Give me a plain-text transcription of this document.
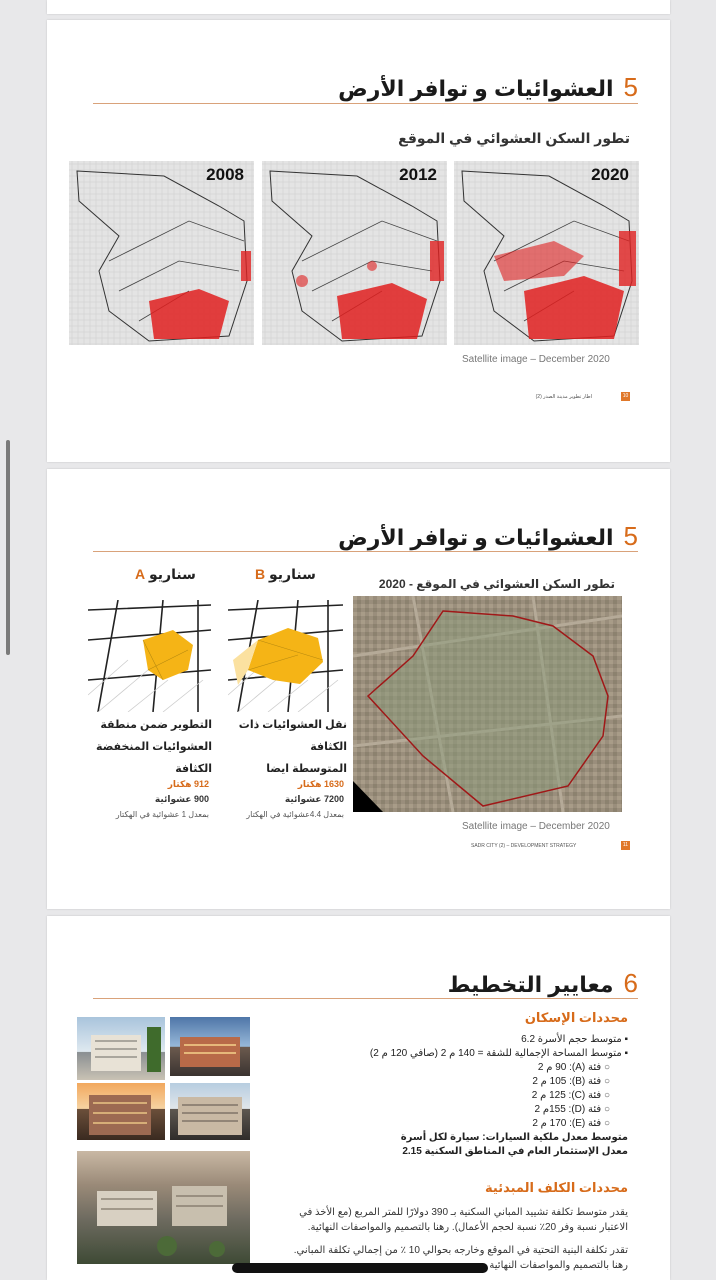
5
العشوائيات و توافر الأرض
تطور السكن العشوائي في الموقع
2008	2012	2020
Satellite image – December 2020
اطار تطوير مدينة الصدر (2)	10
5
العشوائيات و توافر الأرض
تطور السكن العشوائي في الموقع - 2020
سناريو B
نقل العشوائيات ذات الكثافة
المتوسطة ايضا
1630 هكتار
7200 عشوائية
بمعدل 4.4عشوائية في الهكتار
سناريو A
التطوير ضمن منطقة
العشوائيات المنخفضة الكثافة
912 هكتار
900 عشوائية
بمعدل 1 عشوائية في الهكتار
Satellite image – December 2020
SADR CITY (2) – DEVELOPMENT STRATEGY	11
6
معايير التخطيط
محددات الإسكان
▪ متوسط حجم الأسرة 6.2
▪ متوسط المساحة الإجمالية للشقة = 140 م 2 (صافي 120 م 2)
○ فئة (A): 90 م 2
○ فئة (B): 105 م 2
○ فئة (C): 125 م 2
○ فئة (D): 155م 2
○ فئة (E): 170 م 2
متوسط معدل ملكية السيارات: سيارة لكل أسرة
معدل الإستثمار العام في المناطق السكنية 2.15
محددات الكلف المبدئية
يقدر متوسط تكلفة تشييد المباني السكنية بـ 390 دولارًا للمتر المربع (مع الأخذ في الاعتبار نسبة وفر 20٪ نسبة لحجم الأعمال). رهنا بالتصميم والمواصفات النهائية.
تقدر تكلفة البنية التحتية في الموقع وخارجه بحوالي 10 ٪ من إجمالي تكلفة المباني. رهنا بالتصميم والمواصفات النهائية
